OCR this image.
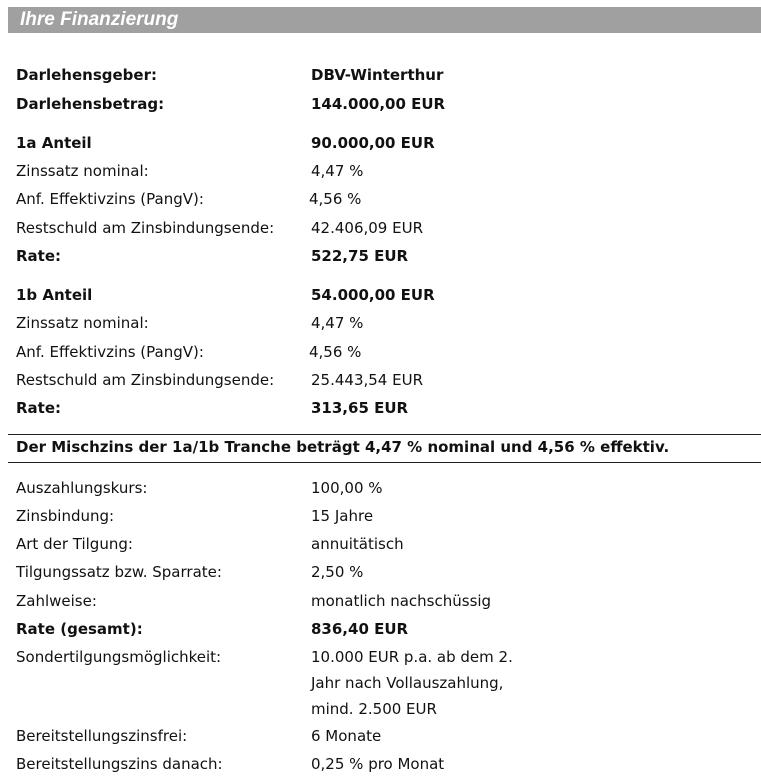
Ihre Finanzierung
Darlehensgeber:	DBV-Winterthur
Darlehensbetrag:	144.000,00 EUR
1a Anteil	90.000,00 EUR
Zinssatz nominal:	4,47 %
Anf. Effektivzins (PangV):	4,56 %
Restschuld am Zinsbindungsende: 42.406,09 EUR
Rate:	522,75 EUR
1b Anteil	54.000,00 EUR
Zinssatz nominal:	4,47 %
Anf. Effektivzins (PangV):	4,56 %
Restschuld am Zinsbindungsende: 25.443,54 EUR
Rate:	313,65 EUR
Der Mischzins der 1a/1b Tranche beträgt 4,47 % nominal und 4,56 % effektiv.
Auszahlungskurs:	100,00 %
Zinsbindung:	15 Jahre
Art der Tilgung:	annuitätisch
Tilgungssatz bzw. Sparrate:	2,50 %
Zahlweise:	monatlich nachschüssig
Rate (gesamt):	836,40 EUR
Sondertilgungsmöglichkeit:	10.000 EUR p.a. ab dem 2.
Jahr nach Vollauszahlung,
mind. 2.500 EUR
Bereitstellungszinsfrei:	6 Monate
Bereitstellungszins danach:	0,25 % pro Monat
